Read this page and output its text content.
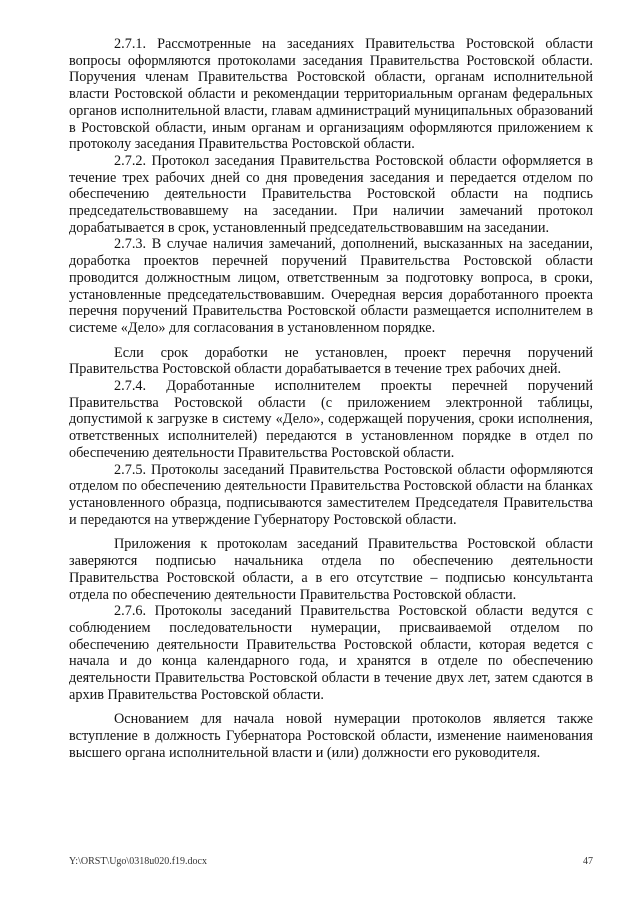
2.7.1. Рассмотренные на заседаниях Правительства Ростовской области вопросы оформляются протоколами заседания Правительства Ростовской области. Поручения членам Правительства Ростовской области, органам исполнительной власти Ростовской области и рекомендации территориальным органам федеральных органов исполнительной власти, главам администраций муниципальных образований в Ростовской области, иным органам и организациям оформляются приложением к протоколу заседания Правительства Ростовской области.

2.7.2. Протокол заседания Правительства Ростовской области оформляется в течение трех рабочих дней со дня проведения заседания и передается отделом по обеспечению деятельности Правительства Ростовской области на подпись председательствовавшему на заседании. При наличии замечаний протокол дорабатывается в срок, установленный председательствовавшим на заседании.

2.7.3. В случае наличия замечаний, дополнений, высказанных на заседании, доработка проектов перечней поручений Правительства Ростовской области проводится должностным лицом, ответственным за подготовку вопроса, в сроки, установленные председательствовавшим. Очередная версия доработанного проекта перечня поручений Правительства Ростовской области размещается исполнителем в системе «Дело» для согласования в установленном порядке.

Если срок доработки не установлен, проект перечня поручений Правительства Ростовской области дорабатывается в течение трех рабочих дней.

2.7.4. Доработанные исполнителем проекты перечней поручений Правительства Ростовской области (с приложением электронной таблицы, допустимой к загрузке в систему «Дело», содержащей поручения, сроки исполнения, ответственных исполнителей) передаются в установленном порядке в отдел по обеспечению деятельности Правительства Ростовской области.

2.7.5. Протоколы заседаний Правительства Ростовской области оформляются отделом по обеспечению деятельности Правительства Ростовской области на бланках установленного образца, подписываются заместителем Председателя Правительства и передаются на утверждение Губернатору Ростовской области.

Приложения к протоколам заседаний Правительства Ростовской области заверяются подписью начальника отдела по обеспечению деятельности Правительства Ростовской области, а в его отсутствие – подписью консультанта отдела по обеспечению деятельности Правительства Ростовской области.

2.7.6. Протоколы заседаний Правительства Ростовской области ведутся с соблюдением последовательности нумерации, присваиваемой отделом по обеспечению деятельности Правительства Ростовской области, которая ведется с начала и до конца календарного года, и хранятся в отделе по обеспечению деятельности Правительства Ростовской области в течение двух лет, затем сдаются в архив Правительства Ростовской области.

Основанием для начала новой нумерации протоколов является также вступление в должность Губернатора Ростовской области, изменение наименования высшего органа исполнительной власти и (или) должности его руководителя.

Y:\ORST\Ugo\0318u020.f19.docx	47
